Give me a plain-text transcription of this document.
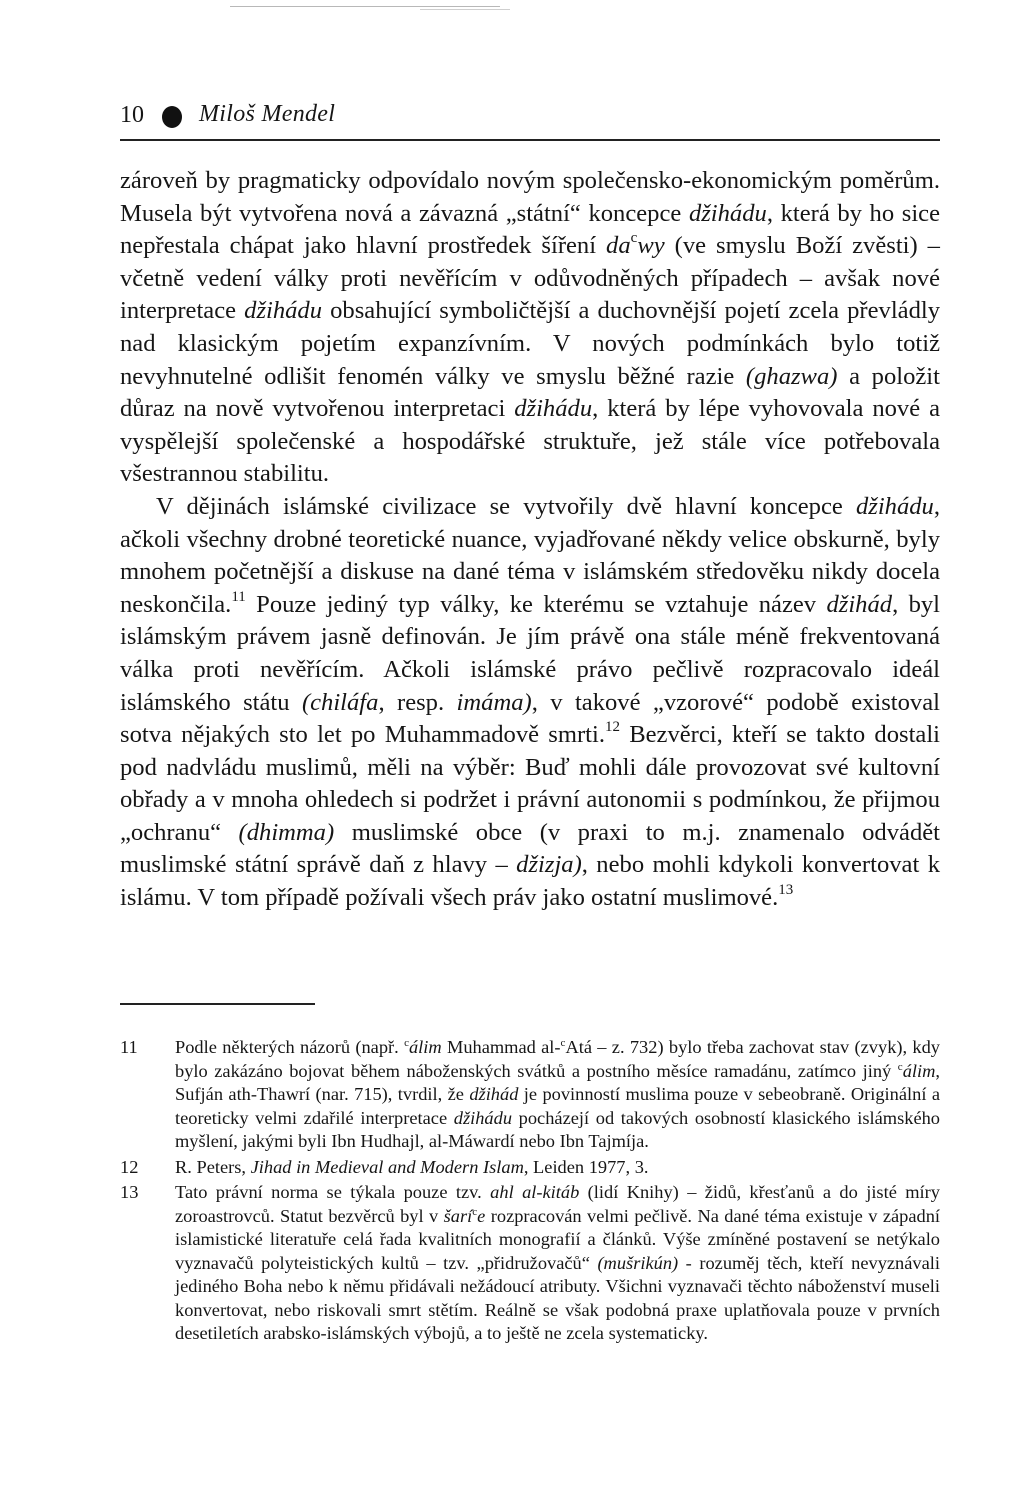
10 Miloš Mendel

zároveň by pragmaticky odpovídalo novým společensko-ekonomickým poměrům. Musela být vytvořena nová a závazná „státní“ koncepce džihádu, která by ho sice nepřestala chápat jako hlavní prostředek šíření $da^cwy$ (ve smyslu Boží zvěsti) – včetně vedení války proti nevěřícím v odůvodněných případech – avšak nové interpretace džihádu obsahující symboličtější a duchovnější pojetí zcela převládly nad klasickým pojetím expanzívním. V nových podmínkách bylo totiž nevyhnutelné odlišit fenomén války ve smyslu běžné razie (ghazwa) a položit důraz na nově vytvořenou interpretaci džihádu, která by lépe vyhovovala nové a vyspělejší společenské a hospodářské struktuře, jež stále více potřebovala všestrannou stabilitu.

V dějinách islámské civilizace se vytvořily dvě hlavní koncepce džihádu, ačkoli všechny drobné teoretické nuance, vyjadřované někdy velice obskurně, byly mnohem početnější a diskuse na dané téma v islámském středověku nikdy docela neskončila.$^{11}$ Pouze jediný typ války, ke kterému se vztahuje název džihád, byl islámským právem jasně definován. Je jím právě ona stále méně frekventovaná válka proti nevěřícím. Ačkoli islámské právo pečlivě rozpracovalo ideál islámského státu (chiláfa, resp. imáma), v takové „vzorové“ podobě existoval sotva nějakých sto let po Muhammadově smrti.$^{12}$ Bezvěrci, kteří se takto dostali pod nadvládu muslimů, měli na výběr: Buď mohli dále provozovat své kultovní obřady a v mnoha ohledech si podržet i právní autonomii s podmínkou, že přijmou „ochranu“ (dhimma) muslimské obce (v praxi to m.j. znamenalo odvádět muslimské státní správě daň z hlavy – džizja), nebo mohli kdykoli konvertovat k islámu. V tom případě požívali všech práv jako ostatní muslimové.$^{13}$

11 Podle některých názorů (např. $^c$álim Muhammad al-$^c$Atá – z. 732) bylo třeba zachovat stav (zvyk), kdy bylo zakázáno bojovat během náboženských svátků a postního měsíce ramadánu, zatímco jiný $^c$álim, Sufján ath-Thawrí (nar. 715), tvrdil, že džihád je povinností muslima pouze v sebeobraně. Originální a teoreticky velmi zdařilé interpretace džihádu pocházejí od takových osobností klasického islámského myšlení, jakými byli Ibn Hudhajl, al-Máwardí nebo Ibn Tajmíja.
12 R. Peters, Jihad in Medieval and Modern Islam, Leiden 1977, 3.
13 Tato právní norma se týkala pouze tzv. ahl al-kitáb (lidí Knihy) – židů, křesťanů a do jisté míry zoroastrovců. Statut bezvěrců byl v šarí$^c$e rozpracován velmi pečlivě. Na dané téma existuje v západní islamistické literatuře celá řada kvalitních monografií a článků. Výše zmíněné postavení se netýkalo vyznavačů polyteistických kultů – tzv. „přidružovačů“ (mušrikún) - rozuměj těch, kteří nevyznávali jediného Boha nebo k němu přidávali nežádoucí atributy. Všichni vyznavači těchto náboženství museli konvertovat, nebo riskovali smrt stětím. Reálně se však podobná praxe uplatňovala pouze v prvních desetiletích arabsko-islámských výbojů, a to ještě ne zcela systematicky.
